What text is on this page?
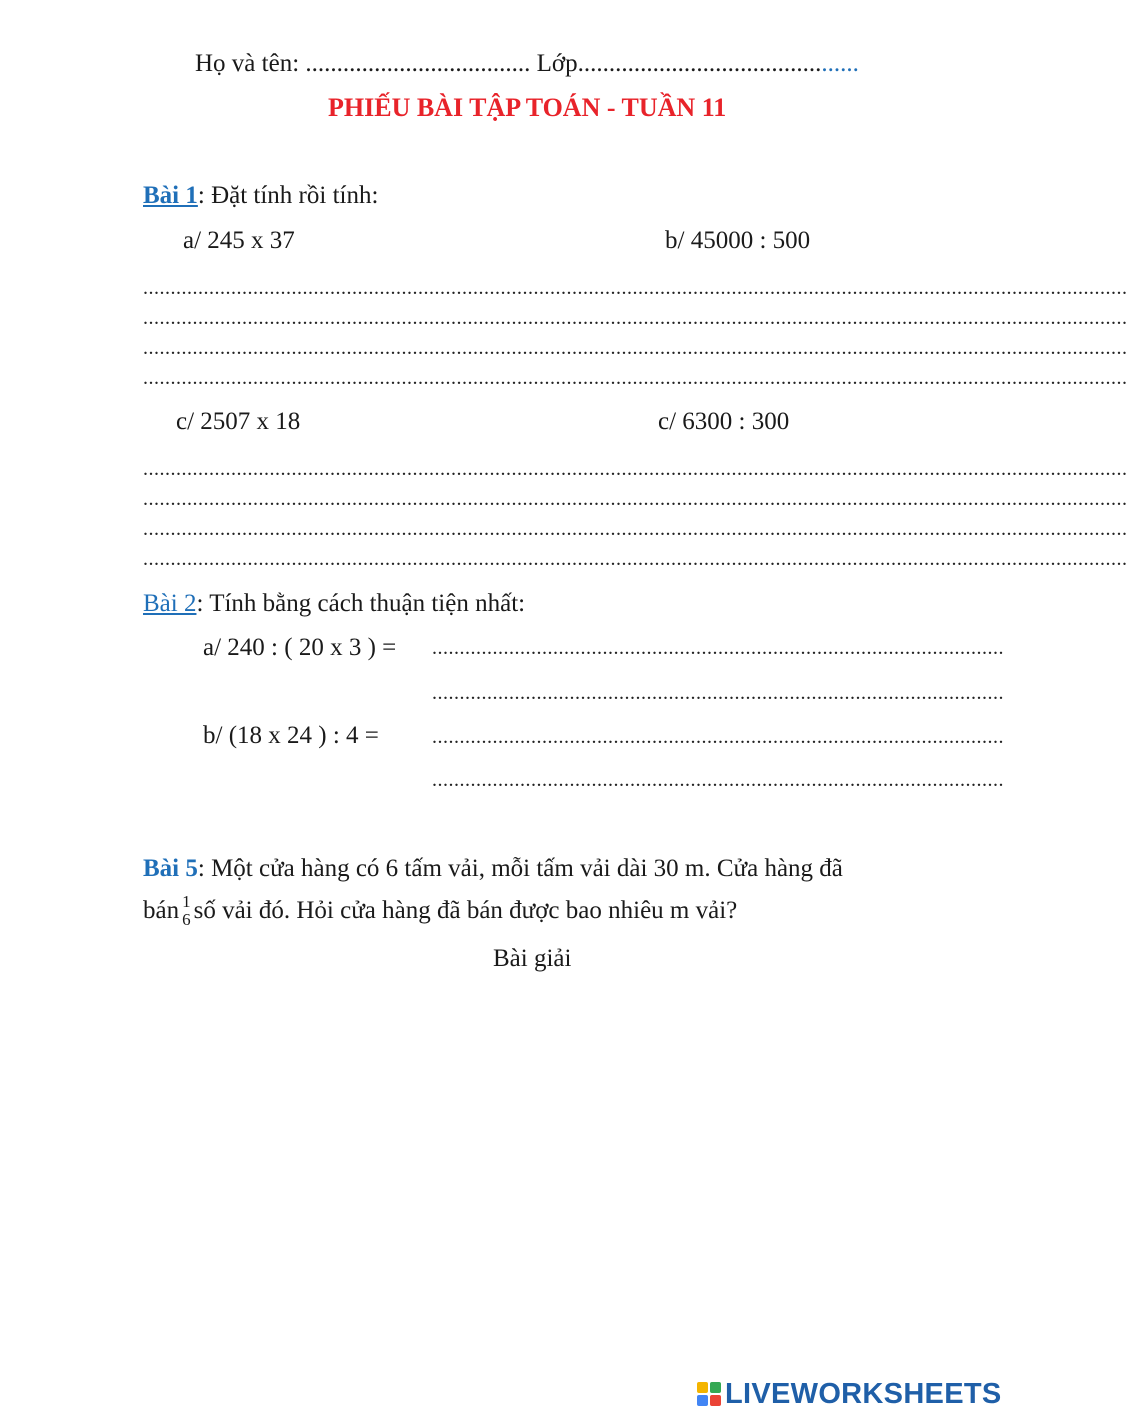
Họ và tên: .................................... Lớp.............................................
PHIẾU BÀI TẬP TOÁN - TUẦN 11
Bài 1: Đặt tính rồi tính:
a/ 245 x 37	b/ 45000 : 500
...................................................................................................................................................................................
...................................................................................................................................................................................
...................................................................................................................................................................................
...................................................................................................................................................................................
c/ 2507 x 18	c/ 6300 : 300
...................................................................................................................................................................................
...................................................................................................................................................................................
...................................................................................................................................................................................
...................................................................................................................................................................................
Bài 2: Tính bằng cách thuận tiện nhất:
a/ 240 : ( 20 x 3 ) = ........................................................................................................
........................................................................................................
b/ (18 x 24 ) : 4 =	........................................................................................................
........................................................................................................
Bài 5: Một cửa hàng có 6 tấm vải, mỗi tấm vải dài 30 m. Cửa hàng đã
bán 1
6 số vải đó. Hỏi cửa hàng đã bán được bao nhiêu m vải?
Bài giải
LIVEWORKSHEETS
